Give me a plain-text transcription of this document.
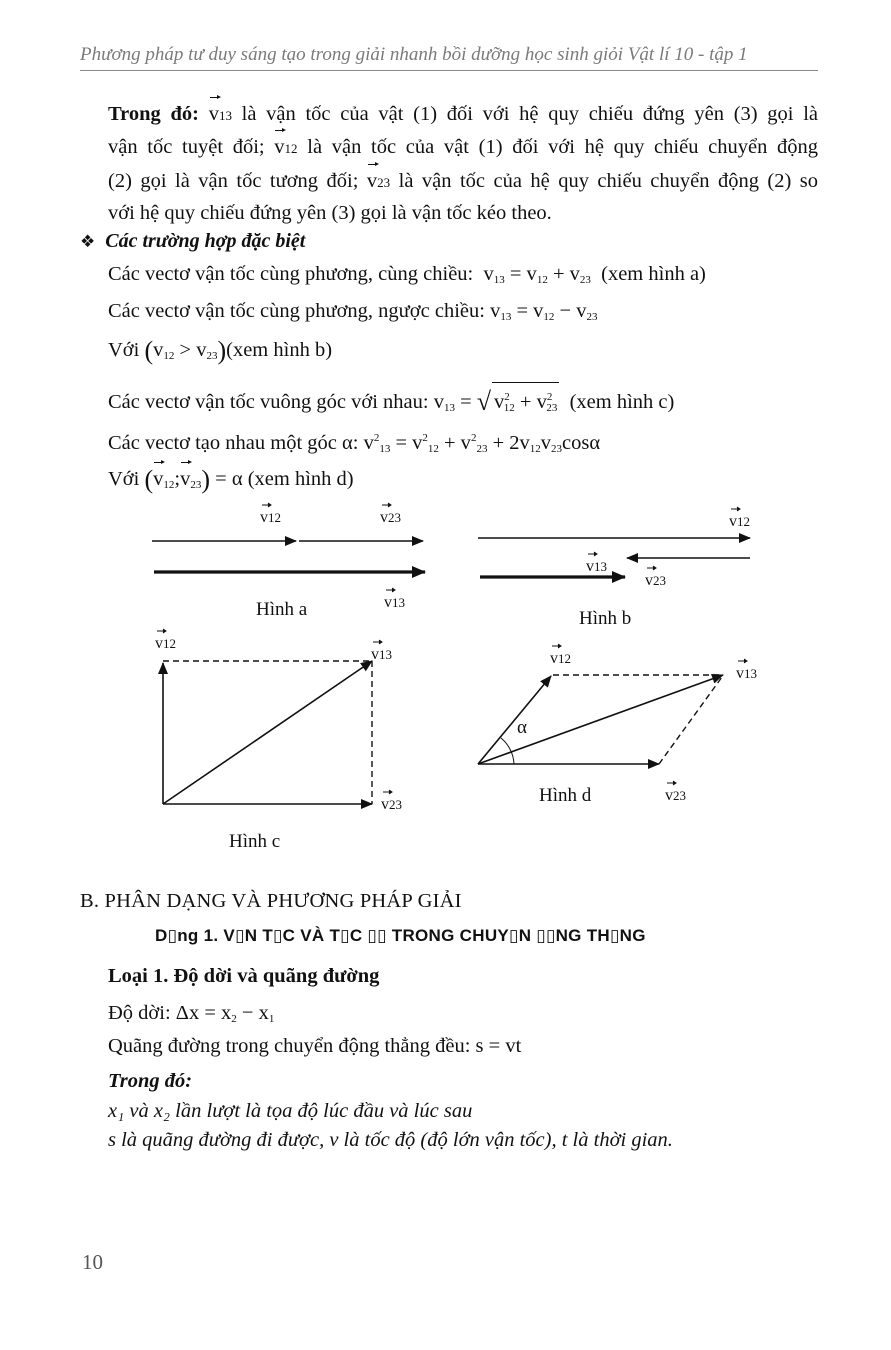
Phương pháp tư duy sáng tạo trong giải nhanh bồi dưỡng học sinh giỏi Vật lí 10 - tập 1
Trong đó: v13 là vận tốc của vật (1) đối với hệ quy chiếu đứng yên (3) gọi là
vận tốc tuyệt đối; v12 là vận tốc của vật (1) đối với hệ quy chiếu chuyển động
(2) gọi là vận tốc tương đối; v23 là vận tốc của hệ quy chiếu chuyển động (2) so
với hệ quy chiếu đứng yên (3) gọi là vận tốc kéo theo.
❖ Các trường hợp đặc biệt
Các vectơ vận tốc cùng phương, cùng chiều: $v_{13} = v_{12} + v_{23}$ (xem hình a)
Các vectơ vận tốc cùng phương, ngược chiều: $v_{13} = v_{12} - v_{23}$
Với $(v_{12} > v_{23})(xem$ hình b)
Các vectơ vận tốc vuông góc với nhau: $v_{13}$ = √ $v^2_{12} + v^2_{23}$ (xem hình c)
Các vectơ tạo nhau một góc α: $v^2_{13} = v^2_{12} + v^2_{23} + 2v_{12}v_{23}\cos\alpha$
Với $(v_{12};v_{23}) = \alpha$ (xem hình d)
v12	v23
v13
Hình a
v12
v13
v23
Hình b
v12
v13
v23
Hình c
α
v12
v13
v23
Hình d
B. PHÂN DẠNG VÀ PHƯƠNG PHÁP GIẢI
D▯ng 1. V▯N T▯C VÀ T▯C ▯▯ TRONG CHUY▯N ▯▯NG TH▯NG
Loại 1. Độ dời và quãng đường
Độ dời: $\Delta x = x_2 - x_1$
Quãng đường trong chuyển động thẳng đều: s = vt
Trong đó:
x₁ và x₂ lần lượt là tọa độ lúc đầu và lúc sau
s là quãng đường đi được, v là tốc độ (độ lớn vận tốc), t là thời gian.
10
